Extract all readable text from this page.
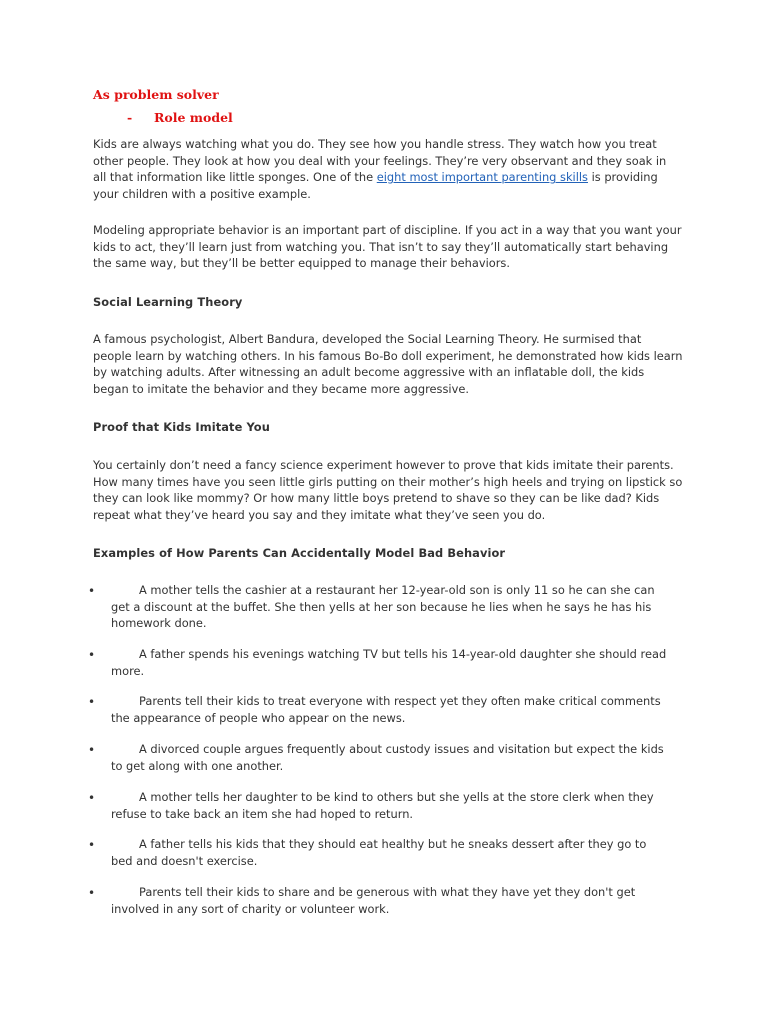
As problem solver
- Role model

Kids are always watching what you do. They see how you handle stress. They watch how you treat other people. They look at how you deal with your feelings. They’re very observant and they soak in all that information like little sponges. One of the eight most important parenting skills is providing your children with a positive example.

Modeling appropriate behavior is an important part of discipline. If you act in a way that you want your kids to act, they’ll learn just from watching you. That isn’t to say they’ll automatically start behaving the same way, but they’ll be better equipped to manage their behaviors.

Social Learning Theory

A famous psychologist, Albert Bandura, developed the Social Learning Theory. He surmised that people learn by watching others. In his famous Bo-Bo doll experiment, he demonstrated how kids learn by watching adults. After witnessing an adult become aggressive with an inflatable doll, the kids began to imitate the behavior and they became more aggressive.

Proof that Kids Imitate You

You certainly don’t need a fancy science experiment however to prove that kids imitate their parents. How many times have you seen little girls putting on their mother’s high heels and trying on lipstick so they can look like mommy? Or how many little boys pretend to shave so they can be like dad? Kids repeat what they’ve heard you say and they imitate what they’ve seen you do.

Examples of How Parents Can Accidentally Model Bad Behavior
•	A mother tells the cashier at a restaurant her 12-year-old son is only 11 so he can she can get a discount at the buffet. She then yells at her son because he lies when he says he has his homework done.

•	A father spends his evenings watching TV but tells his 14-year-old daughter she should read more.

•	Parents tell their kids to treat everyone with respect yet they often make critical comments the appearance of people who appear on the news.

•	A divorced couple argues frequently about custody issues and visitation but expect the kids to get along with one another.

•	A mother tells her daughter to be kind to others but she yells at the store clerk when they refuse to take back an item she had hoped to return.

•	A father tells his kids that they should eat healthy but he sneaks dessert after they go to bed and doesn't exercise.

•	Parents tell their kids to share and be generous with what they have yet they don't get involved in any sort of charity or volunteer work.
